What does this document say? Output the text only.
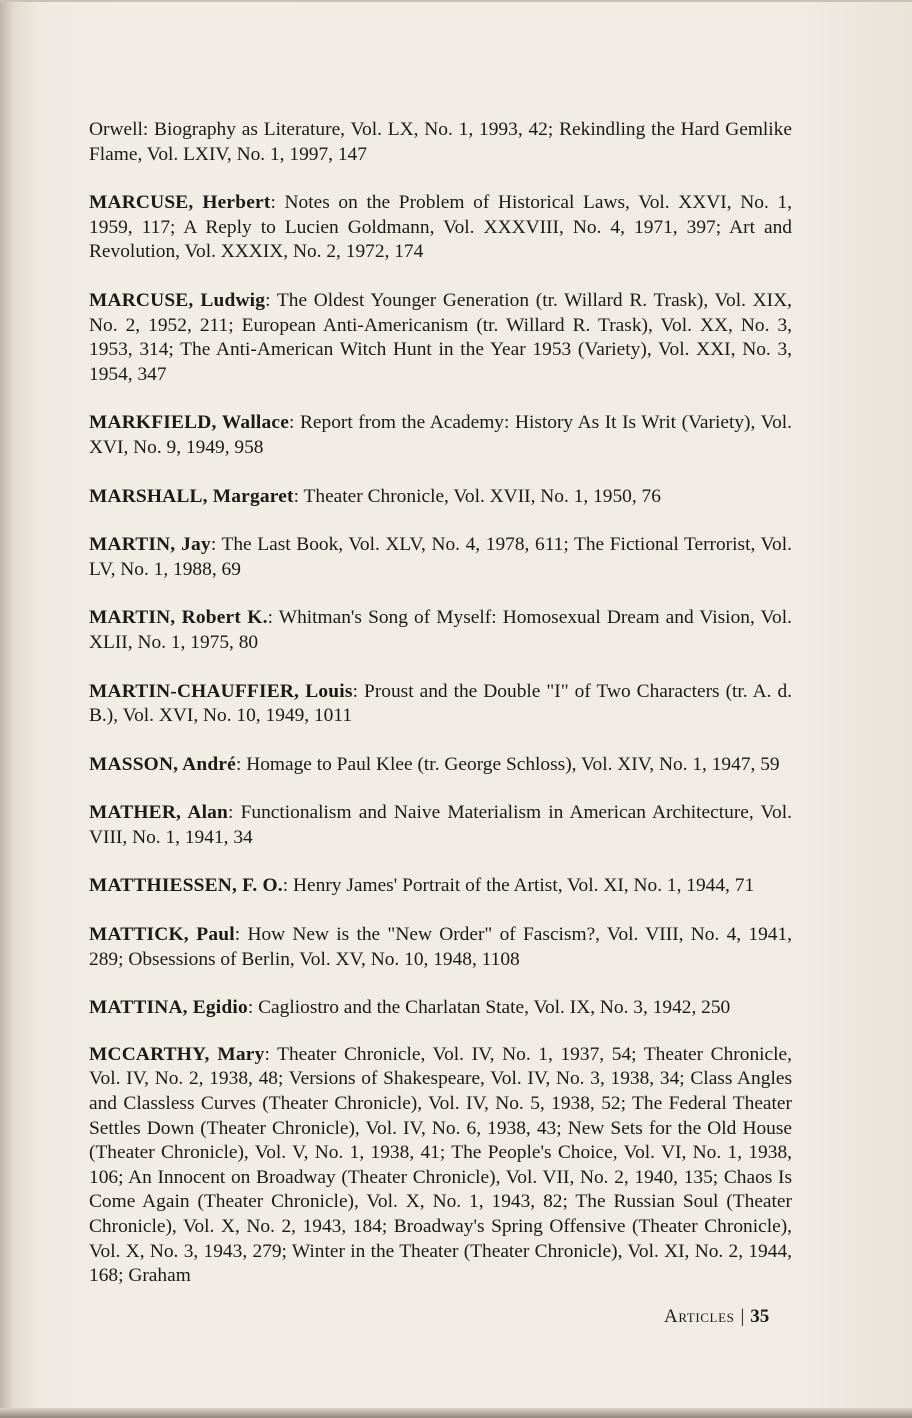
Orwell: Biography as Literature, Vol. LX, No. 1, 1993, 42; Rekindling the Hard Gemlike Flame, Vol. LXIV, No. 1, 1997, 147

MARCUSE, Herbert: Notes on the Problem of Historical Laws, Vol. XXVI, No. 1, 1959, 117; A Reply to Lucien Goldmann, Vol. XXXVIII, No. 4, 1971, 397; Art and Revolution, Vol. XXXIX, No. 2, 1972, 174

MARCUSE, Ludwig: The Oldest Younger Generation (tr. Willard R. Trask), Vol. XIX, No. 2, 1952, 211; European Anti-Americanism (tr. Willard R. Trask), Vol. XX, No. 3, 1953, 314; The Anti-American Witch Hunt in the Year 1953 (Variety), Vol. XXI, No. 3, 1954, 347

MARKFIELD, Wallace: Report from the Academy: History As It Is Writ (Variety), Vol. XVI, No. 9, 1949, 958

MARSHALL, Margaret: Theater Chronicle, Vol. XVII, No. 1, 1950, 76

MARTIN, Jay: The Last Book, Vol. XLV, No. 4, 1978, 611; The Fictional Terrorist, Vol. LV, No. 1, 1988, 69

MARTIN, Robert K.: Whitman's Song of Myself: Homosexual Dream and Vision, Vol. XLII, No. 1, 1975, 80

MARTIN-CHAUFFIER, Louis: Proust and the Double "I" of Two Characters (tr. A. d. B.), Vol. XVI, No. 10, 1949, 1011

MASSON, André: Homage to Paul Klee (tr. George Schloss), Vol. XIV, No. 1, 1947, 59

MATHER, Alan: Functionalism and Naive Materialism in American Architecture, Vol. VIII, No. 1, 1941, 34

MATTHIESSEN, F. O.: Henry James' Portrait of the Artist, Vol. XI, No. 1, 1944, 71

MATTICK, Paul: How New is the "New Order" of Fascism?, Vol. VIII, No. 4, 1941, 289; Obsessions of Berlin, Vol. XV, No. 10, 1948, 1108

MATTINA, Egidio: Cagliostro and the Charlatan State, Vol. IX, No. 3, 1942, 250

MCCARTHY, Mary: Theater Chronicle, Vol. IV, No. 1, 1937, 54; Theater Chronicle, Vol. IV, No. 2, 1938, 48; Versions of Shakespeare, Vol. IV, No. 3, 1938, 34; Class Angles and Classless Curves (Theater Chronicle), Vol. IV, No. 5, 1938, 52; The Federal Theater Settles Down (Theater Chronicle), Vol. IV, No. 6, 1938, 43; New Sets for the Old House (Theater Chronicle), Vol. V, No. 1, 1938, 41; The People's Choice, Vol. VI, No. 1, 1938, 106; An Innocent on Broadway (Theater Chronicle), Vol. VII, No. 2, 1940, 135; Chaos Is Come Again (Theater Chronicle), Vol. X, No. 1, 1943, 82; The Russian Soul (Theater Chronicle), Vol. X, No. 2, 1943, 184; Broadway's Spring Offensive (Theater Chronicle), Vol. X, No. 3, 1943, 279; Winter in the Theater (Theater Chronicle), Vol. XI, No. 2, 1944, 168; Graham

Articles | 35
